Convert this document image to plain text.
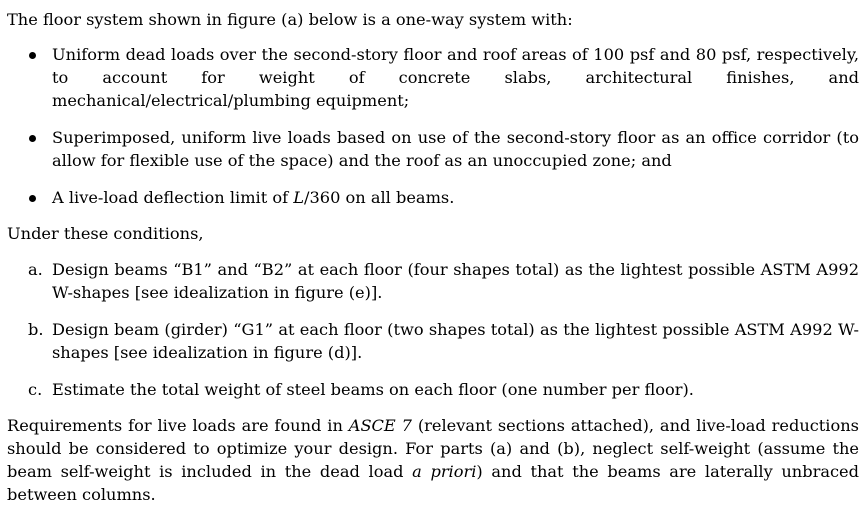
The floor system shown in figure (a) below is a one-way system with:

Uniform dead loads over the second-story floor and roof areas of 100 psf and 80 psf, respectively, to account for weight of concrete slabs, architectural finishes, and mechanical/electrical/plumbing equipment;
Superimposed, uniform live loads based on use of the second-story floor as an office corridor (to allow for flexible use of the space) and the roof as an unoccupied zone; and
A live-load deflection limit of L/360 on all beams.

Under these conditions,

a. Design beams “B1” and “B2” at each floor (four shapes total) as the lightest possible ASTM A992 W-shapes [see idealization in figure (e)].
b. Design beam (girder) “G1” at each floor (two shapes total) as the lightest possible ASTM A992 W-shapes [see idealization in figure (d)].
c. Estimate the total weight of steel beams on each floor (one number per floor).

Requirements for live loads are found in ASCE 7 (relevant sections attached), and live-load reductions should be considered to optimize your design. For parts (a) and (b), neglect self-weight (assume the beam self-weight is included in the dead load a priori) and that the beams are laterally unbraced between columns.
